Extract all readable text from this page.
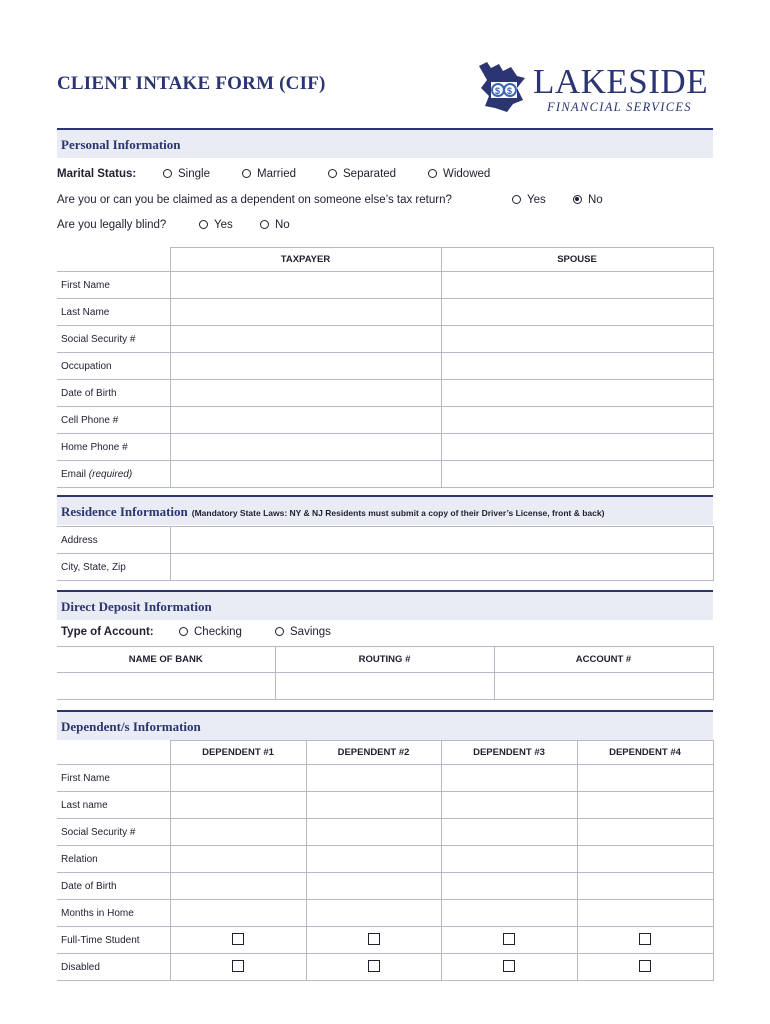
CLIENT INTAKE FORM (CIF)	$ $ LAKESIDE
FINANCIAL SERVICES
Personal Information
Marital Status:	Single	Married	Separated	Widowed
Are you or can you be claimed as a dependent on someone else’s tax return?	Yes	No
Are you legally blind?	Yes	No
	TAXPAYER	SPOUSE
First Name		
Last Name		
Social Security #		
Occupation		
Date of Birth		
Cell Phone #		
Home Phone #		
Email (required)		
Residence Information (Mandatory State Laws: NY & NJ Residents must submit a copy of their Driver’s License, front & back)
Address	
City, State, Zip	
Direct Deposit Information
Type of Account:	Checking	Savings
NAME OF BANK	ROUTING #	ACCOUNT #

Dependent/s Information
	DEPENDENT #1	DEPENDENT #2	DEPENDENT #3	DEPENDENT #4
First Name				
Last name				
Social Security #				
Relation				
Date of Birth				
Months in Home				
Full-Time Student				
Disabled				
